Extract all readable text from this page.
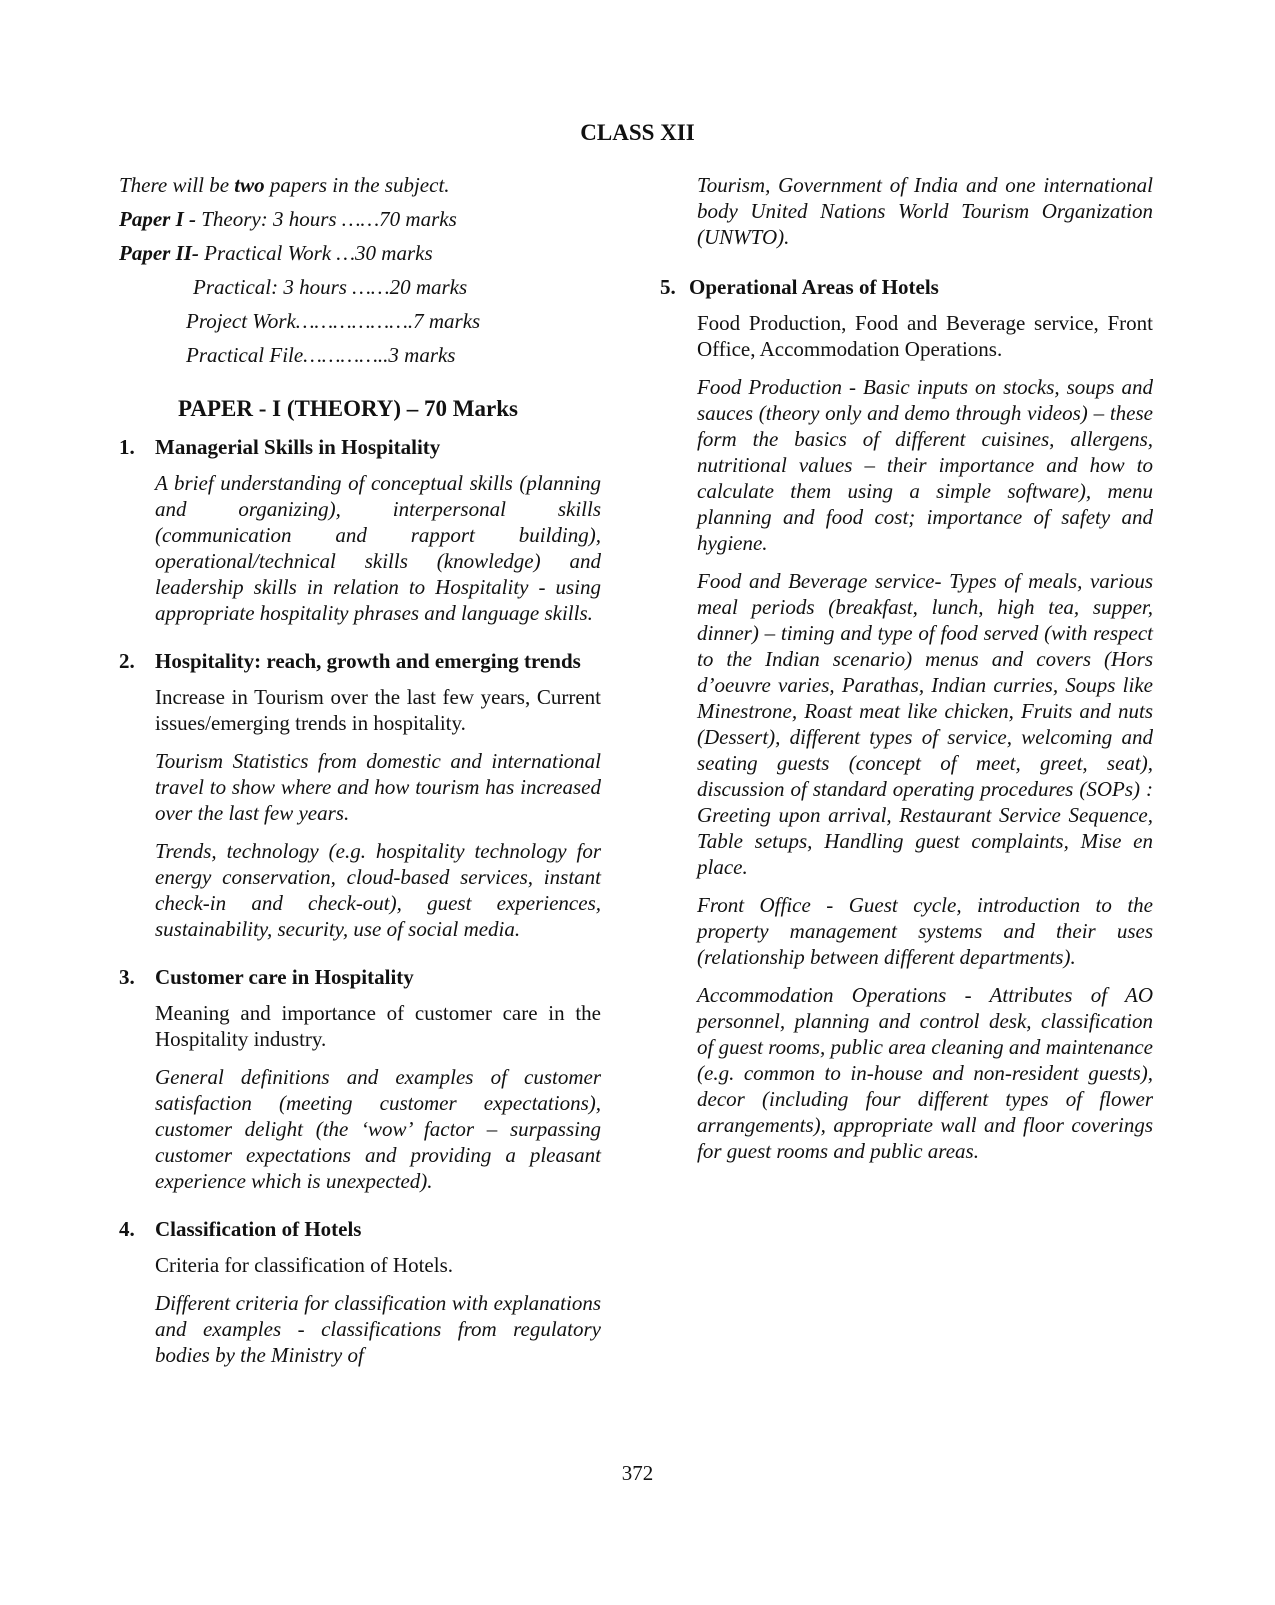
CLASS XII

There will be two papers in the subject.

Paper I - Theory: 3 hours ……70 marks

Paper II- Practical Work …30 marks

Practical: 3 hours ……20 marks

Project Work……………….7 marks

Practical File…………..3 marks

PAPER - I (THEORY) – 70 Marks
1. Managerial Skills in Hospitality

A brief understanding of conceptual skills (planning and organizing), interpersonal skills (communication and rapport building), operational/technical skills (knowledge) and leadership skills in relation to Hospitality - using appropriate hospitality phrases and language skills.

2. Hospitality: reach, growth and emerging trends

Increase in Tourism over the last few years, Current issues/emerging trends in hospitality.

Tourism Statistics from domestic and international travel to show where and how tourism has increased over the last few years.

Trends, technology (e.g. hospitality technology for energy conservation, cloud-based services, instant check-in and check-out), guest experiences, sustainability, security, use of social media.

3. Customer care in Hospitality

Meaning and importance of customer care in the Hospitality industry.

General definitions and examples of customer satisfaction (meeting customer expectations), customer delight (the ‘wow’ factor – surpassing customer expectations and providing a pleasant experience which is unexpected).

4. Classification of Hotels

Criteria for classification of Hotels.

Different criteria for classification with explanations and examples - classifications from regulatory bodies by the Ministry of

Tourism, Government of India and one international body United Nations World Tourism Organization (UNWTO).

5. Operational Areas of Hotels

Food Production, Food and Beverage service, Front Office, Accommodation Operations.

Food Production - Basic inputs on stocks, soups and sauces (theory only and demo through videos) – these form the basics of different cuisines, allergens, nutritional values – their importance and how to calculate them using a simple software), menu planning and food cost; importance of safety and hygiene.

Food and Beverage service- Types of meals, various meal periods (breakfast, lunch, high tea, supper, dinner) – timing and type of food served (with respect to the Indian scenario) menus and covers (Hors d’oeuvre varies, Parathas, Indian curries, Soups like Minestrone, Roast meat like chicken, Fruits and nuts (Dessert), different types of service, welcoming and seating guests (concept of meet, greet, seat), discussion of standard operating procedures (SOPs) : Greeting upon arrival, Restaurant Service Sequence, Table setups, Handling guest complaints, Mise en place.

Front Office - Guest cycle, introduction to the property management systems and their uses (relationship between different departments).

Accommodation Operations - Attributes of AO personnel, planning and control desk, classification of guest rooms, public area cleaning and maintenance (e.g. common to in-house and non-resident guests), decor (including four different types of flower arrangements), appropriate wall and floor coverings for guest rooms and public areas.

372
